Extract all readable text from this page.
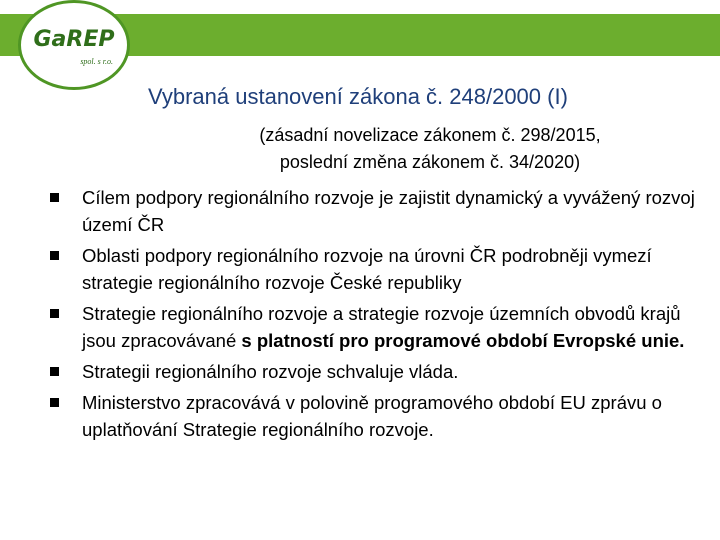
GaREP
spol. s r.o.
Vybraná ustanovení zákona č. 248/2000 (I)
(zásadní novelizace zákonem č. 298/2015,
poslední změna zákonem č. 34/2020)
Cílem podpory regionálního rozvoje je zajistit dynamický a vyvážený rozvoj území ČR
Oblasti podpory regionálního rozvoje na úrovni ČR podrobněji vymezí strategie regionálního rozvoje České republiky
Strategie regionálního rozvoje a strategie rozvoje územních obvodů krajů jsou zpracovávané s platností pro programové období Evropské unie.
Strategii regionálního rozvoje schvaluje vláda.
Ministerstvo zpracovává v polovině programového období EU zprávu o uplatňování Strategie regionálního rozvoje.
